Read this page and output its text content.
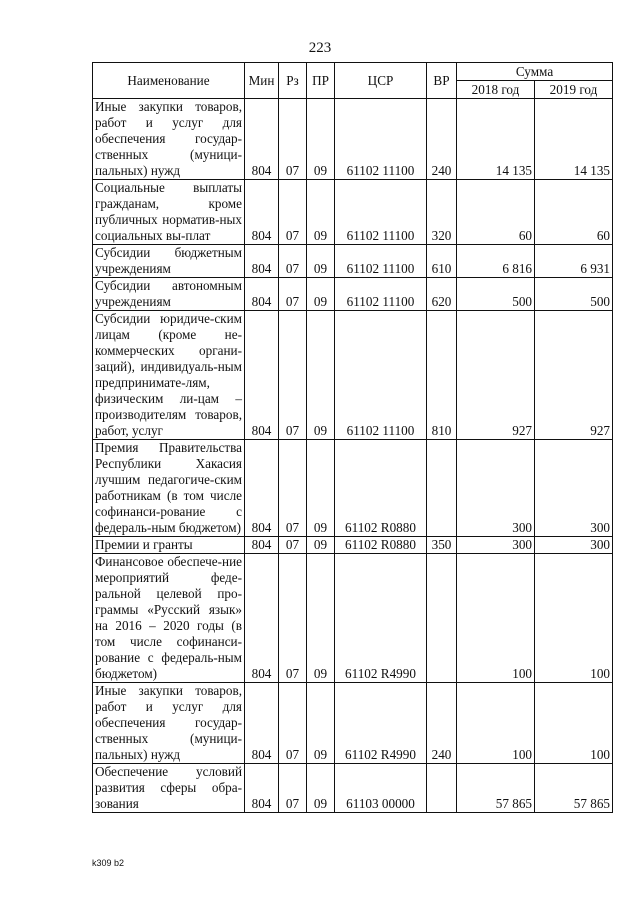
223
Наименование	Мин	Рз	ПР	ЦСР	ВР	Сумма	
						2018 год	2019 год
Иные закупки товаров, работ и услуг для обеспечения государ-ственных (муници-пальных) нужд	804	07	09	61102 11100	240	14 135	14 135
Социальные выплаты гражданам, кроме публичных норматив-ных социальных вы-плат	804	07	09	61102 11100	320	60	60
Субсидии бюджетным учреждениям	804	07	09	61102 11100	610	6 816	6 931
Субсидии автономным учреждениям	804	07	09	61102 11100	620	500	500
Субсидии юридиче-ским лицам (кроме не-коммерческих органи-заций), индивидуаль-ным предпринимате-лям, физическим ли-цам – производителям товаров, работ, услуг	804	07	09	61102 11100	810	927	927
Премия Правительства Республики Хакасия лучшим педагогиче-ским работникам (в том числе софинанси-рование с федераль-ным бюджетом)	804	07	09	61102 R0880		300	300
Премии и гранты	804	07	09	61102 R0880	350	300	300
Финансовое обеспече-ние мероприятий феде-ральной целевой про-граммы «Русский язык» на 2016 – 2020 годы (в том числе софинанси-рование с федераль-ным бюджетом)	804	07	09	61102 R4990		100	100
Иные закупки товаров, работ и услуг для обеспечения государ-ственных (муници-пальных) нужд	804	07	09	61102 R4990	240	100	100
Обеспечение условий развития сферы обра-зования	804	07	09	61103 00000		57 865	57 865
k309 b2
